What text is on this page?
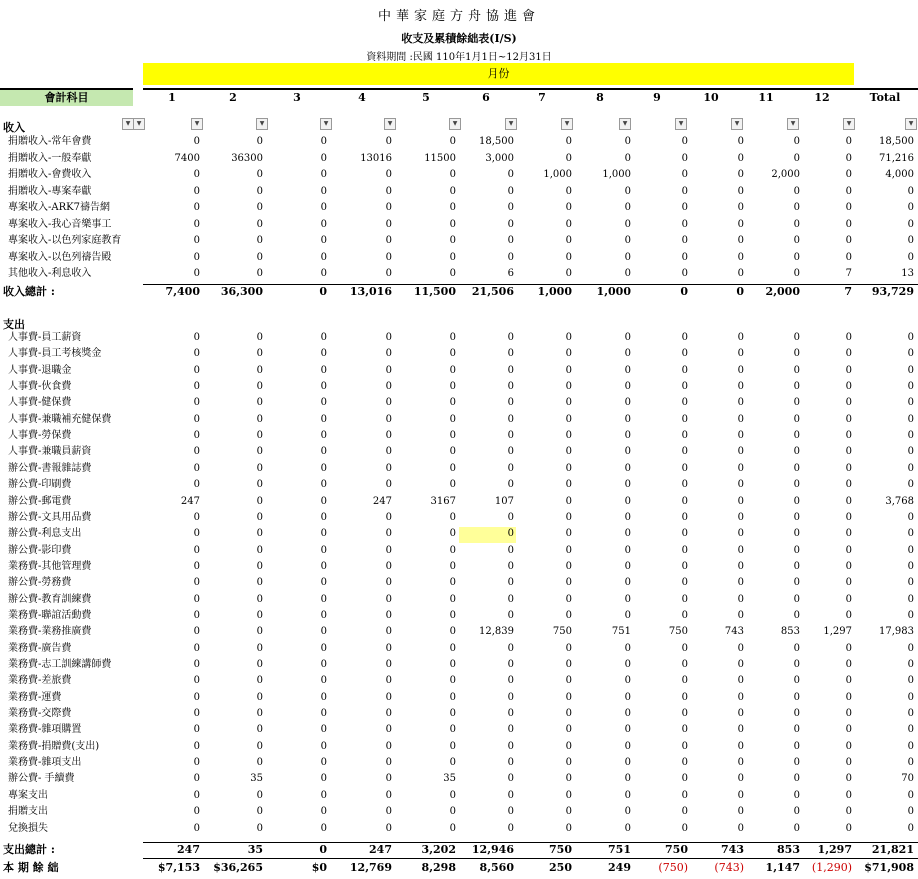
中華家庭方舟協進會
收支及累積餘絀表(I/S)
資料期間 :民國 110年1月1日~12月31日
月份
會計科目	1	2	3	4	5	6	7	8	9	10	11	12	Total
▼	▼	▼	▼	▼	▼	▼	▼	▼	▼	▼	▼	▼	▼	▼
收入
捐贈收入-常年會費	0	0	0	0	0	18,500	0	0	0	0	0	0	18,500
捐贈收入-一般奉獻	7400	36300	0	13016	11500	3,000	0	0	0	0	0	0	71,216
捐贈收入-會費收入	0	0	0	0	0	0	1,000	1,000	0	0	2,000	0	4,000
捐贈收入-專案奉獻	0	0	0	0	0	0	0	0	0	0	0	0	0
專案收入-ARK7禱告網	0	0	0	0	0	0	0	0	0	0	0	0	0
專案收入-我心音樂事工	0	0	0	0	0	0	0	0	0	0	0	0	0
專案收入-以色列家庭教育	0	0	0	0	0	0	0	0	0	0	0	0	0
專案收入-以色列禱告殿	0	0	0	0	0	0	0	0	0	0	0	0	0
其他收入-利息收入	0	0	0	0	0	6	0	0	0	0	0	7	13
收入總計 :	7,400	36,300	0	13,016	11,500	21,506	1,000	1,000	0	0	2,000	7	93,729
支出
人事費-員工薪資	0	0	0	0	0	0	0	0	0	0	0	0	0
人事費-員工考核獎金	0	0	0	0	0	0	0	0	0	0	0	0	0
人事費-退職金	0	0	0	0	0	0	0	0	0	0	0	0	0
人事費-伙食費	0	0	0	0	0	0	0	0	0	0	0	0	0
人事費-健保費	0	0	0	0	0	0	0	0	0	0	0	0	0
人事費-兼職補充健保費	0	0	0	0	0	0	0	0	0	0	0	0	0
人事費-勞保費	0	0	0	0	0	0	0	0	0	0	0	0	0
人事費-兼職員薪資	0	0	0	0	0	0	0	0	0	0	0	0	0
辦公費-書報雜誌費	0	0	0	0	0	0	0	0	0	0	0	0	0
辦公費-印刷費	0	0	0	0	0	0	0	0	0	0	0	0	0
辦公費-郵電費	247	0	0	247	3167	107	0	0	0	0	0	0	3,768
辦公費-文具用品費	0	0	0	0	0	0	0	0	0	0	0	0	0
辦公費-利息支出	0	0	0	0	0	0	0	0	0	0	0	0	0
辦公費-影印費	0	0	0	0	0	0	0	0	0	0	0	0	0
業務費-其他管理費	0	0	0	0	0	0	0	0	0	0	0	0	0
辦公費-勞務費	0	0	0	0	0	0	0	0	0	0	0	0	0
辦公費-教育訓練費	0	0	0	0	0	0	0	0	0	0	0	0	0
業務費-聯誼活動費	0	0	0	0	0	0	0	0	0	0	0	0	0
業務費-業務推廣費	0	0	0	0	0	12,839	750	751	750	743	853	1,297	17,983
業務費-廣告費	0	0	0	0	0	0	0	0	0	0	0	0	0
業務費-志工訓練講師費	0	0	0	0	0	0	0	0	0	0	0	0	0
業務費-差旅費	0	0	0	0	0	0	0	0	0	0	0	0	0
業務費-運費	0	0	0	0	0	0	0	0	0	0	0	0	0
業務費-交際費	0	0	0	0	0	0	0	0	0	0	0	0	0
業務費-雜項購置	0	0	0	0	0	0	0	0	0	0	0	0	0
業務費-捐贈費(支出)	0	0	0	0	0	0	0	0	0	0	0	0	0
業務費-雜項支出	0	0	0	0	0	0	0	0	0	0	0	0	0
辦公費- 手續費	0	35	0	0	35	0	0	0	0	0	0	0	70
專案支出	0	0	0	0	0	0	0	0	0	0	0	0	0
捐贈支出	0	0	0	0	0	0	0	0	0	0	0	0	0
兌換損失	0	0	0	0	0	0	0	0	0	0	0	0	0
支出總計 :	247	35	0	247	3,202	12,946	750	751	750	743	853	1,297	21,821
本 期 餘 絀	$7,153	$36,265	$0	12,769	8,298	8,560	250	249	(750)	(743)	1,147	(1,290)	$71,908
